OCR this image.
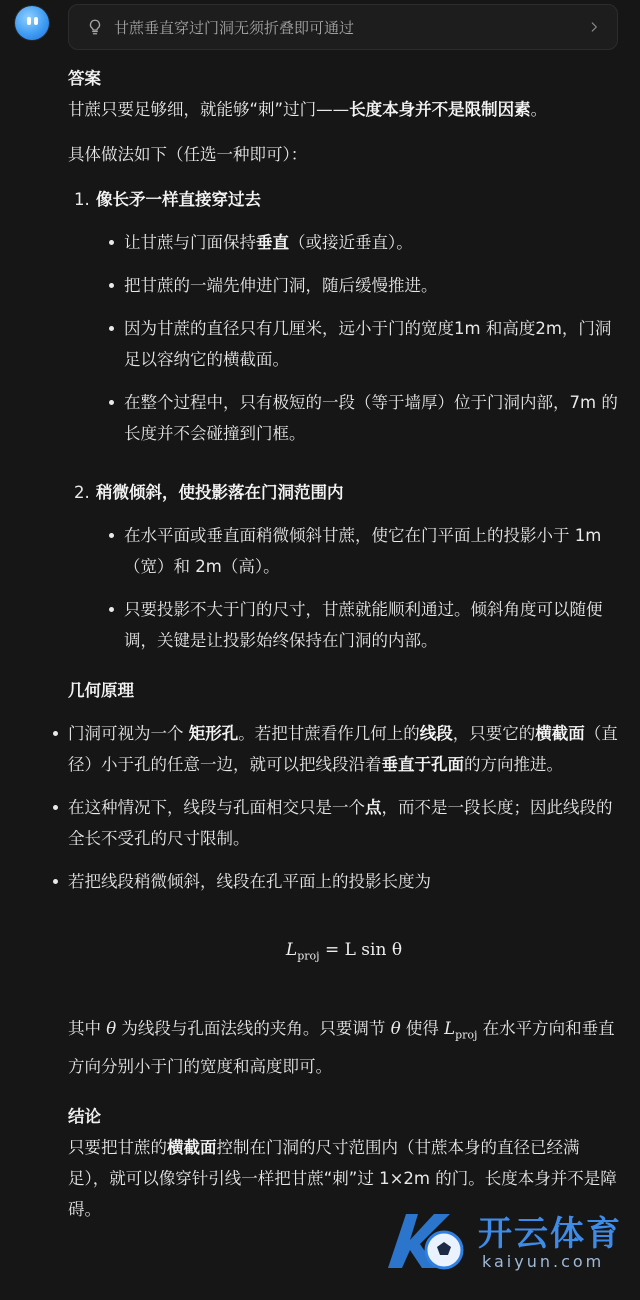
甘蔗垂直穿过门洞无须折叠即可通过
答案

甘蔗只要足够细，就能够“刺”过门——长度本身并不是限制因素。

具体做法如下（任选一种即可）：

1. 像长矛一样直接穿过去

让甘蔗与门面保持垂直（或接近垂直）。
把甘蔗的一端先伸进门洞，随后缓慢推进。
因为甘蔗的直径只有几厘米，远小于门的宽度1m 和高度2m，门洞足以容纳它的横截面。
在整个过程中，只有极短的一段（等于墙厚）位于门洞内部，7m 的长度并不会碰撞到门框。
2. 稍微倾斜，使投影落在门洞范围内

在水平面或垂直面稍微倾斜甘蔗，使它在门平面上的投影小于 1m（宽）和 2m（高）。
只要投影不大于门的尺寸，甘蔗就能顺利通过。倾斜角度可以随便调，关键是让投影始终保持在门洞的内部。
几何原理
门洞可视为一个 矩形孔。若把甘蔗看作几何上的线段，只要它的横截面（直径）小于孔的任意一边，就可以把线段沿着垂直于孔面的方向推进。
在这种情况下，线段与孔面相交只是一个点，而不是一段长度；因此线段的全长不受孔的尺寸限制。
若把线段稍微倾斜，线段在孔平面上的投影长度为
$L_{proj} = L$ sin θ

其中 θ 为线段与孔面法线的夹角。只要调节 θ 使得 $L_{proj}$ 在水平方向和垂直方向分别小于门的宽度和高度即可。

结论

只要把甘蔗的横截面控制在门洞的尺寸范围内（甘蔗本身的直径已经满足），就可以像穿针引线一样把甘蔗“刺”过 1×2m 的门。长度本身并不是障碍。

开云体育
kaiyun.com
